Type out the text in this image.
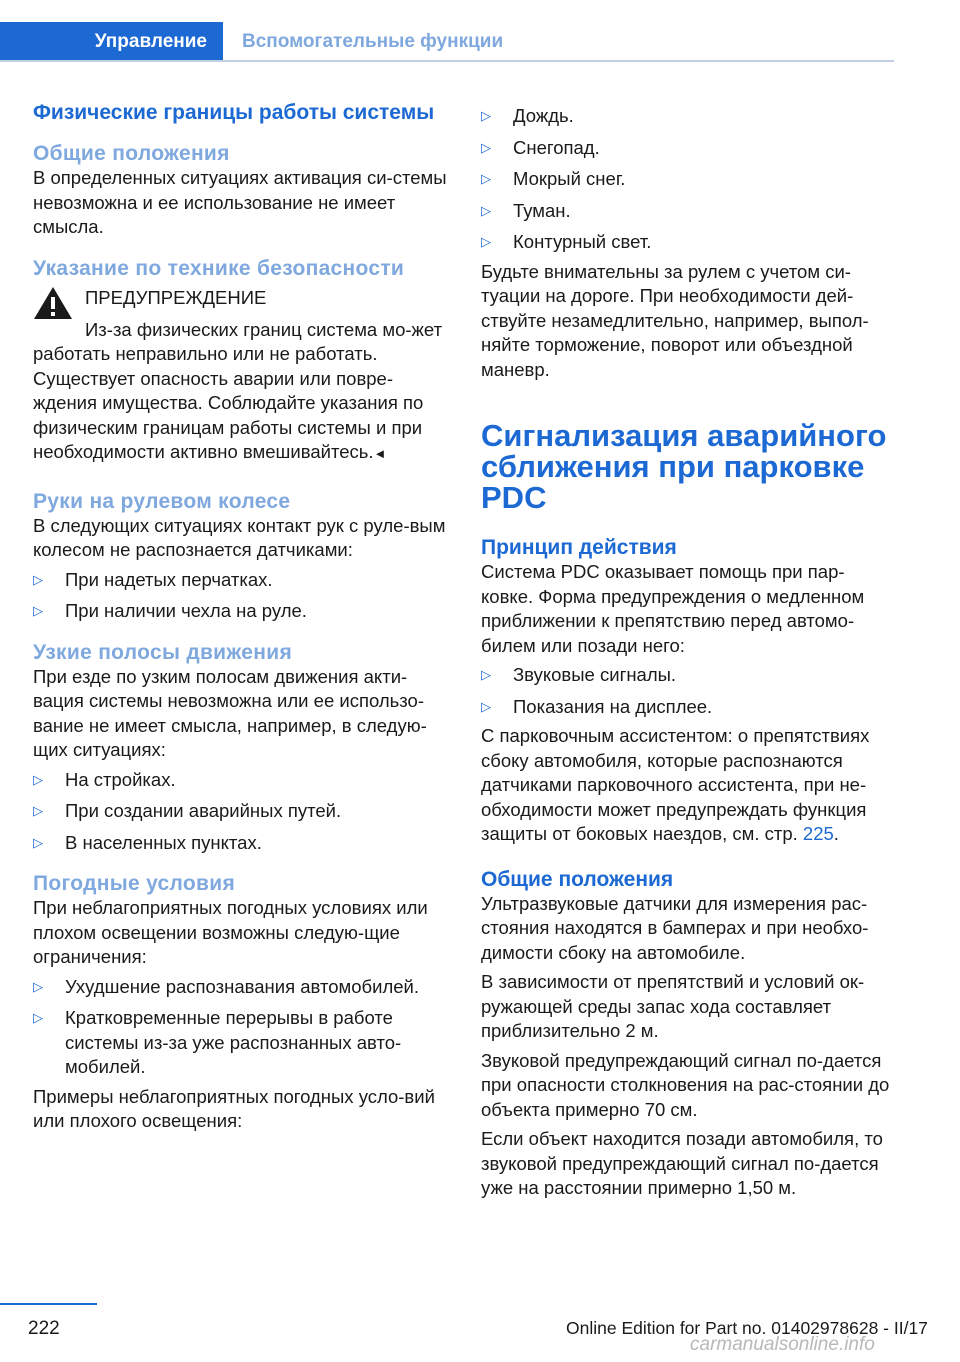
Управление Вспомогательные функции
Физические границы работы системы
Общие положения

В определенных ситуациях активация си-стемы невозможна и ее использование не имеет смысла.

Указание по технике безопасности
ПРЕДУПРЕЖДЕНИЕ

Из-за физических границ система мо-жет работать неправильно или не работать. Существует опасность аварии или повре-ждения имущества. Соблюдайте указания по физическим границам работы системы и при необходимости активно вмешивайтесь.◄

Руки на рулевом колесе

В следующих ситуациях контакт рук с руле-вым колесом не распознается датчиками:

▷	При надетых перчатках.
▷	При наличии чехла на руле.
Узкие полосы движения

При езде по узким полосам движения акти-вация системы невозможна или ее использо-вание не имеет смысла, например, в следую-щих ситуациях:

▷	На стройках.
▷	При создании аварийных путей.
▷	В населенных пунктах.
Погодные условия

При неблагоприятных погодных условиях или плохом освещении возможны следую-щие ограничения:

▷	Ухудшение распознавания автомобилей.
▷	Кратковременные перерывы в работе системы из-за уже распознанных авто-мобилей.

Примеры неблагоприятных погодных усло-вий или плохого освещения:

▷	Дождь.
▷	Снегопад.
▷	Мокрый снег.
▷	Туман.
▷	Контурный свет.

Будьте внимательны за рулем с учетом си-туации на дороге. При необходимости дей-ствуйте незамедлительно, например, выпол-няйте торможение, поворот или объездной маневр.

Сигнализация аварийного сближения при парковке PDC
Принцип действия

Система PDC оказывает помощь при пар-ковке. Форма предупреждения о медленном приближении к препятствию перед автомо-билем или позади него:

▷	Звуковые сигналы.
▷	Показания на дисплее.

С парковочным ассистентом: о препятствиях сбоку автомобиля, которые распознаются датчиками парковочного ассистента, при не-обходимости может предупреждать функция защиты от боковых наездов, см. стр. 225.

Общие положения

Ультразвуковые датчики для измерения рас-стояния находятся в бамперах и при необхо-димости сбоку на автомобиле.

В зависимости от препятствий и условий ок-ружающей среды запас хода составляет приблизительно 2 м.

Звуковой предупреждающий сигнал по-дается при опасности столкновения на рас-стоянии до объекта примерно 70 см.

Если объект находится позади автомобиля, то звуковой предупреждающий сигнал по-дается уже на расстоянии примерно 1,50 м.

222	Online Edition for Part no. 01402978628 - II/17
carmanualsonline.info
